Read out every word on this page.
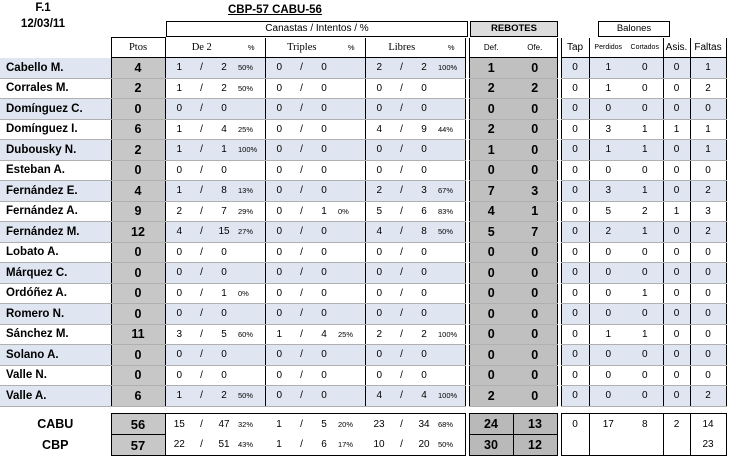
F.1
12/03/11
CBP-57 CABU-56
Canastas / Intentos / %	REBOTES	Balones
	Ptos	De 2			%	Triples			%	Libres			%		Def.	Ofe.		Tap	Perdidos	Cortados	Asis.	Faltas
Cabello M.	4	1	/	2	50%	0	/	0		2	/	2	100%		1	0		0	1	0	0	1
Corrales M.	2	1	/	2	50%	0	/	0		0	/	0			2	2		0	1	0	0	2
Domínguez C.	0	0	/	0		0	/	0		0	/	0			0	0		0	0	0	0	0
Domínguez I.	6	1	/	4	25%	0	/	0		4	/	9	44%		2	0		0	3	1	1	1
Dubousky N.	2	1	/	1	100%	0	/	0		0	/	0			1	0		0	1	1	0	1
Esteban A.	0	0	/	0		0	/	0		0	/	0			0	0		0	0	0	0	0
Fernández E.	4	1	/	8	13%	0	/	0		2	/	3	67%		7	3		0	3	1	0	2
Fernández A.	9	2	/	7	29%	0	/	1	0%	5	/	6	83%		4	1		0	5	2	1	3
Fernández M.	12	4	/	15	27%	0	/	0		4	/	8	50%		5	7		0	2	1	0	2
Lobato A.	0	0	/	0		0	/	0		0	/	0			0	0		0	0	0	0	0
Márquez C.	0	0	/	0		0	/	0		0	/	0			0	0		0	0	0	0	0
Ordóñez A.	0	0	/	1	0%	0	/	0		0	/	0			0	0		0	0	1	0	0
Romero N.	0	0	/	0		0	/	0		0	/	0			0	0		0	0	0	0	0
Sánchez M.	11	3	/	5	60%	1	/	4	25%	2	/	2	100%		0	0		0	1	1	0	0
Solano A.	0	0	/	0		0	/	0		0	/	0			0	0		0	0	0	0	0
Valle N.	0	0	/	0		0	/	0		0	/	0			0	0		0	0	0	0	0
Valle A.	6	1	/	2	50%	0	/	0		4	/	4	100%		2	0		0	0	0	0	2
CABU	56	15	/	47	32%	1	/	5	20%	23	/	34	68%		24	13		0	17	8	2	14
CBP	57	22	/	51	43%	1	/	6	17%	10	/	20	50%		30	12						23
